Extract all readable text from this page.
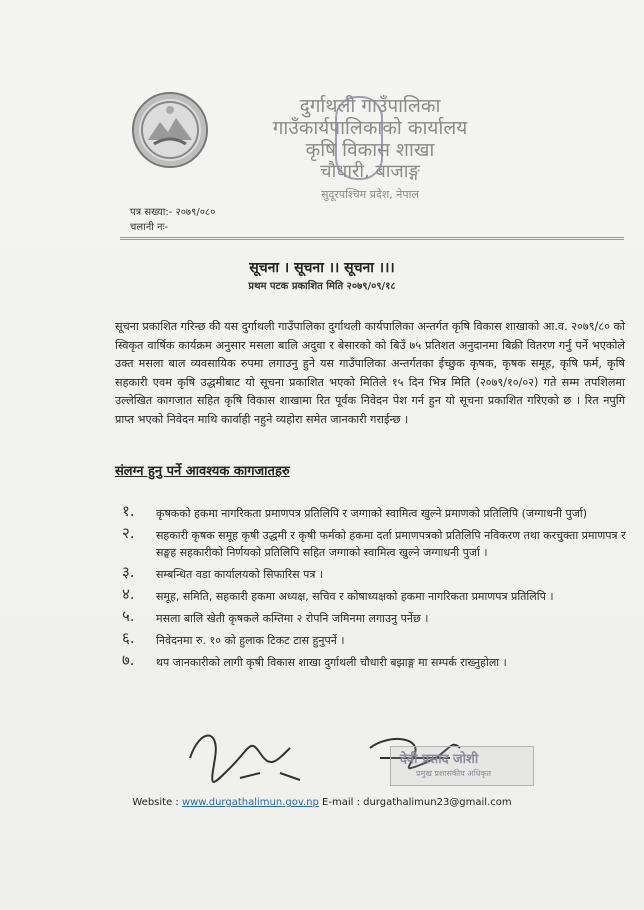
दुर्गाथली गाउँपालिका
गाउँकार्यपालिकाको कार्यालय
कृषि विकास शाखा
चौधारी, बाजाङ्ग
सुदूरपश्चिम प्रदेश, नेपाल
पत्र सख्या:- २०७९/०८०
चलानी नः-
सूचना । सूचना ।। सूचना ।।।
प्रथम पटक प्रकाशित मिति २०७९/०९/१८
सूचना प्रकाशित गरिन्छ की यस दुर्गाथली गाउँपालिका दुर्गाथली कार्यपालिका अन्तर्गत कृषि विकास शाखाको आ.व. २०७९/८० को स्विकृत वार्षिक कार्यक्रम अनुसार मसला बालि अदुवा र बेसारको को बिउँ ७५ प्रतिशत अनुदानमा बिक्री वितरण गर्नु पर्ने भएकोले उक्त मसला बाल व्यवसायिक रुपमा लगाउनु हुने यस गाउँपालिका अन्तर्गतका ईच्छुक कृषक, कृषक समूह, कृषि फर्म, कृषि सहकारी एवम कृषि उद्धमीबाट यो सूचना प्रकाशित भएको मितिले १५ दिन भित्र मिति (२०७९/१०/०२) गते सम्म तपशिलमा उल्लेखित कागजात सहित कृषि विकास शाखामा रित पूर्वक निवेदन पेश गर्न हुन यो सूचना प्रकाशित गरिएको छ । रित नपुगि प्राप्त भएको निवेदन माथि कार्वाही नहुने व्यहोरा समेत जानकारी गराईन्छ ।
संलग्न हुनु पर्ने आवश्यक कागजातहरु
१. कृषकको हकमा नागरिकता प्रमाणपत्र प्रतिलिपि र जग्गाको स्वामित्व खुल्ने प्रमाणको प्रतिलिपि (जग्गाधनी पुर्जा)
२. सहकारी कृषक समूह कृषी उद्धमी र कृषी फर्मको हकमा दर्ता प्रमाणपत्रको प्रतिलिपि नविकरण तथा करचुक्ता प्रमाणपत्र र सङ्घह सहकारीको निर्णयको प्रतिलिपि सहित जग्गाको स्वामित्व खुल्ने जग्गाधनी पुर्जा ।
३. सम्बन्धित वडा कार्यालयको सिफारिस पत्र ।
४. समूह, समिति, सहकारी हकमा अध्यक्ष, सचिव र कोषाध्यक्षको हकमा नागरिकता प्रमाणपत्र प्रतिलिपि ।
५. मसला बालि खेती कृषकले कम्तिमा २ रोपनि जमिनमा लगाउनु पर्नेछ ।
६. निवेदनमा रु. १० को हुलाक टिकट टास हुनुपर्ने ।
७. थप जानकारीको लागी कृषी विकास शाखा दुर्गाथली चौधारी बझाङ्ग मा सम्पर्क राख्नुहोला ।
देवी प्रसाद जोशी
प्रमुख प्रशासकीय अधिकृत
Website : www.durgathalimun.gov.np E-mail : durgathalimun23@gmail.com
